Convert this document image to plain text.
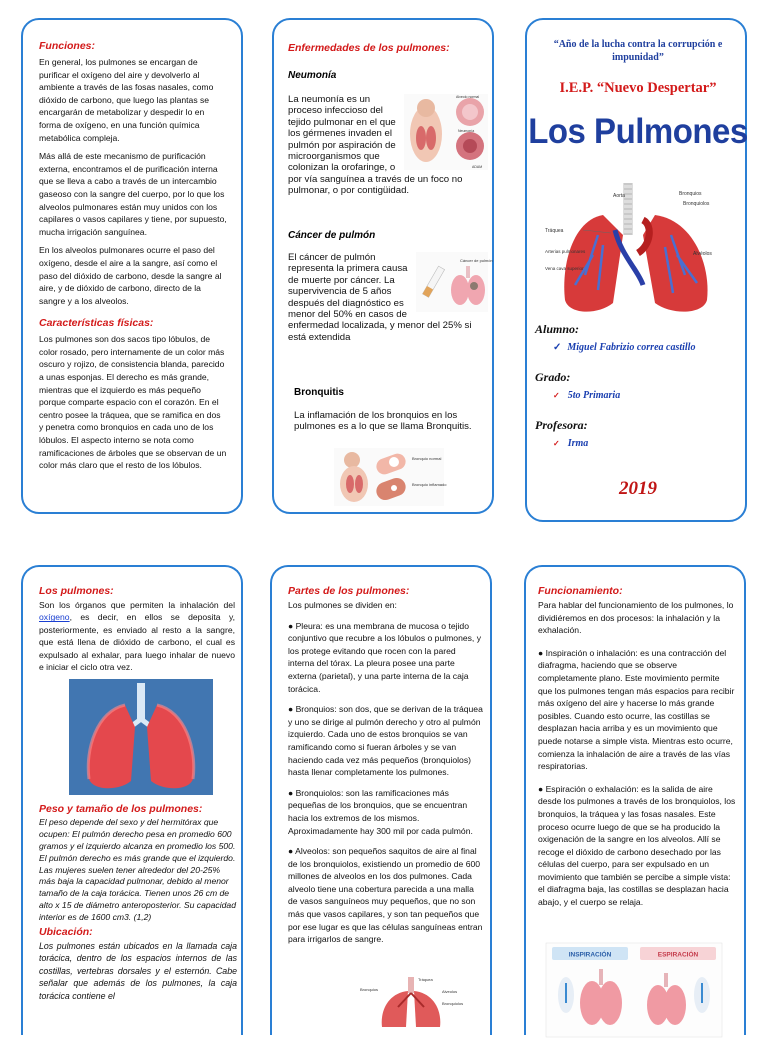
Funciones:

En general, los pulmones se encargan de purificar el oxígeno del aire y devolverlo al ambiente a través de las fosas nasales, como dióxido de carbono, que luego las plantas se encargarán de metabolizar y despedir lo en forma de oxígeno, en una función química metabólica compleja.

Más allá de este mecanismo de purificación externa, encontramos el de purificación interna que se lleva a cabo a través de un intercambio gaseoso con la sangre del cuerpo, por lo que los alveolos pulmonares están muy unidos con los capilares o vasos capilares y tiene, por supuesto, mucha irrigación sanguínea.

En los alveolos pulmonares ocurre el paso del oxígeno, desde el aire a la sangre, así como el paso del dióxido de carbono, desde la sangre al aire, y de dióxido de carbono, directo de la sangre y a los alveolos.

Características físicas:

Los pulmones son dos sacos tipo lóbulos, de color rosado, pero internamente de un color más oscuro y rojizo, de consistencia blanda, parecido a unas esponjas. El derecho es más grande, mientras que el izquierdo es más pequeño porque comparte espacio con el corazón. En el centro posee la tráquea, que se ramifica en dos y penetra como bronquios en cada uno de los lóbulos. El aspecto interno se nota como ramificaciones de árboles que se observan de un color más claro que el resto de los lóbulos.

Enfermedades de los pulmones:

Neumonía

Alveolo normal
Neumonía
ADAM
La neumonía es un proceso infeccioso del tejido pulmonar en el que los gérmenes invaden el pulmón por aspiración de microorganismos que colonizan la orofaringe, o por vía sanguínea a través de un foco no pulmonar, o por contigüidad.

Cáncer de pulmón

Cáncer de pulmón
El cáncer de pulmón representa la primera causa de muerte por cáncer. La supervivencia de 5 años después del diagnóstico es menor del 50% en casos de enfermedad localizada, y menor del 25% si está extendida

Bronquitis

La inflamación de los bronquios en los pulmones es a lo que se llama Bronquitis.

Bronquio normal
Bronquio inflamado
“Año de la lucha contra la corrupción e impunidad”
I.E.P. “Nuevo Despertar”
Los Pulmones
Tráquea
Aorta	Bronquios
Bronquiolos
Arterias pulmonares
Vena cava superior
Alvéolos
Alumno:
✓ Miguel Fabrizio correa castillo
Grado:
✓ 5to Primaria
Profesora:
✓ Irma
2019

Los pulmones:

Son los órganos que permiten la inhalación del oxígeno, es decir, en ellos se deposita y, posteriormente, es enviado al resto a la sangre, que está llena de dióxido de carbono, el cual es expulsado al exhalar, para luego inhalar de nuevo e iniciar el ciclo otra vez.

Peso y tamaño de los pulmones:

El peso depende del sexo y del hermitórax que ocupen: El pulmón derecho pesa en promedio 600 gramos y el izquierdo alcanza en promedio los 500. El pulmón derecho es más grande que el izquierdo. Las mujeres suelen tener alrededor del 20-25% más baja la capacidad pulmonar, debido al menor tamaño de la caja torácica. Tienen unos 26 cm de alto x 15 de diámetro anteroposterior. Su capacidad interior es de 1600 cm3. (1,2)

Ubicación:

Los pulmones están ubicados en la llamada caja torácica, dentro de los espacios internos de las costillas, vertebras dorsales y el esternón. Cabe señalar que además de los pulmones, la caja torácica contiene el

Partes de los pulmones:

Los pulmones se dividen en:

● Pleura: es una membrana de mucosa o tejido conjuntivo que recubre a los lóbulos o pulmones, y los protege evitando que rocen con la pared interna del tórax. La pleura posee una parte externa (parietal), y una parte interna de la caja torácica.

● Bronquios: son dos, que se derivan de la tráquea y uno se dirige al pulmón derecho y otro al pulmón izquierdo. Cada uno de estos bronquios se van ramificando como si fueran árboles y se van haciendo cada vez más pequeños (bronquiolos) hasta llenar completamente los pulmones.

● Bronquiolos: son las ramificaciones más pequeñas de los bronquios, que se encuentran hacia los extremos de los mismos. Aproximadamente hay 300 mil por cada pulmón.

● Alveolos: son pequeños saquitos de aire al final de los bronquiolos, existiendo un promedio de 600 millones de alveolos en los dos pulmones. Cada alveolo tiene una cobertura parecida a una malla de vasos sanguíneos muy pequeños, que no son más que vasos capilares, y son tan pequeños que por ese lugar es que las células sanguíneas entran para irrigarlos de sangre.

Tráquea
Bronquios	Alveolos
Bronquiolos

Funcionamiento:

Para hablar del funcionamiento de los pulmones, lo dividiéremos en dos procesos: la inhalación y la exhalación.

● Inspiración o inhalación: es una contracción del diafragma, haciendo que se observe completamente plano. Este movimiento permite que los pulmones tengan más espacios para recibir más oxígeno del aire y hacerse lo más grande posibles. Cuando esto ocurre, las costillas se desplazan hacia arriba y es un movimiento que puede notarse a simple vista. Mientras esto ocurre, comienza la inhalación de aire a través de las vías respiratorias.

● Espiración o exhalación: es la salida de aire desde los pulmones a través de los bronquiolos, los bronquios, la tráquea y las fosas nasales. Este proceso ocurre luego de que se ha producido la oxigenación de la sangre en los alveolos. Allí se recoge el dióxido de carbono desechado por las células del cuerpo, para ser expulsado en un movimiento que también se percibe a simple vista: el diafragma baja, las costillas se desplazan hacia abajo, y el cuerpo se relaja.

INSPIRACIÓN	ESPIRACIÓN
